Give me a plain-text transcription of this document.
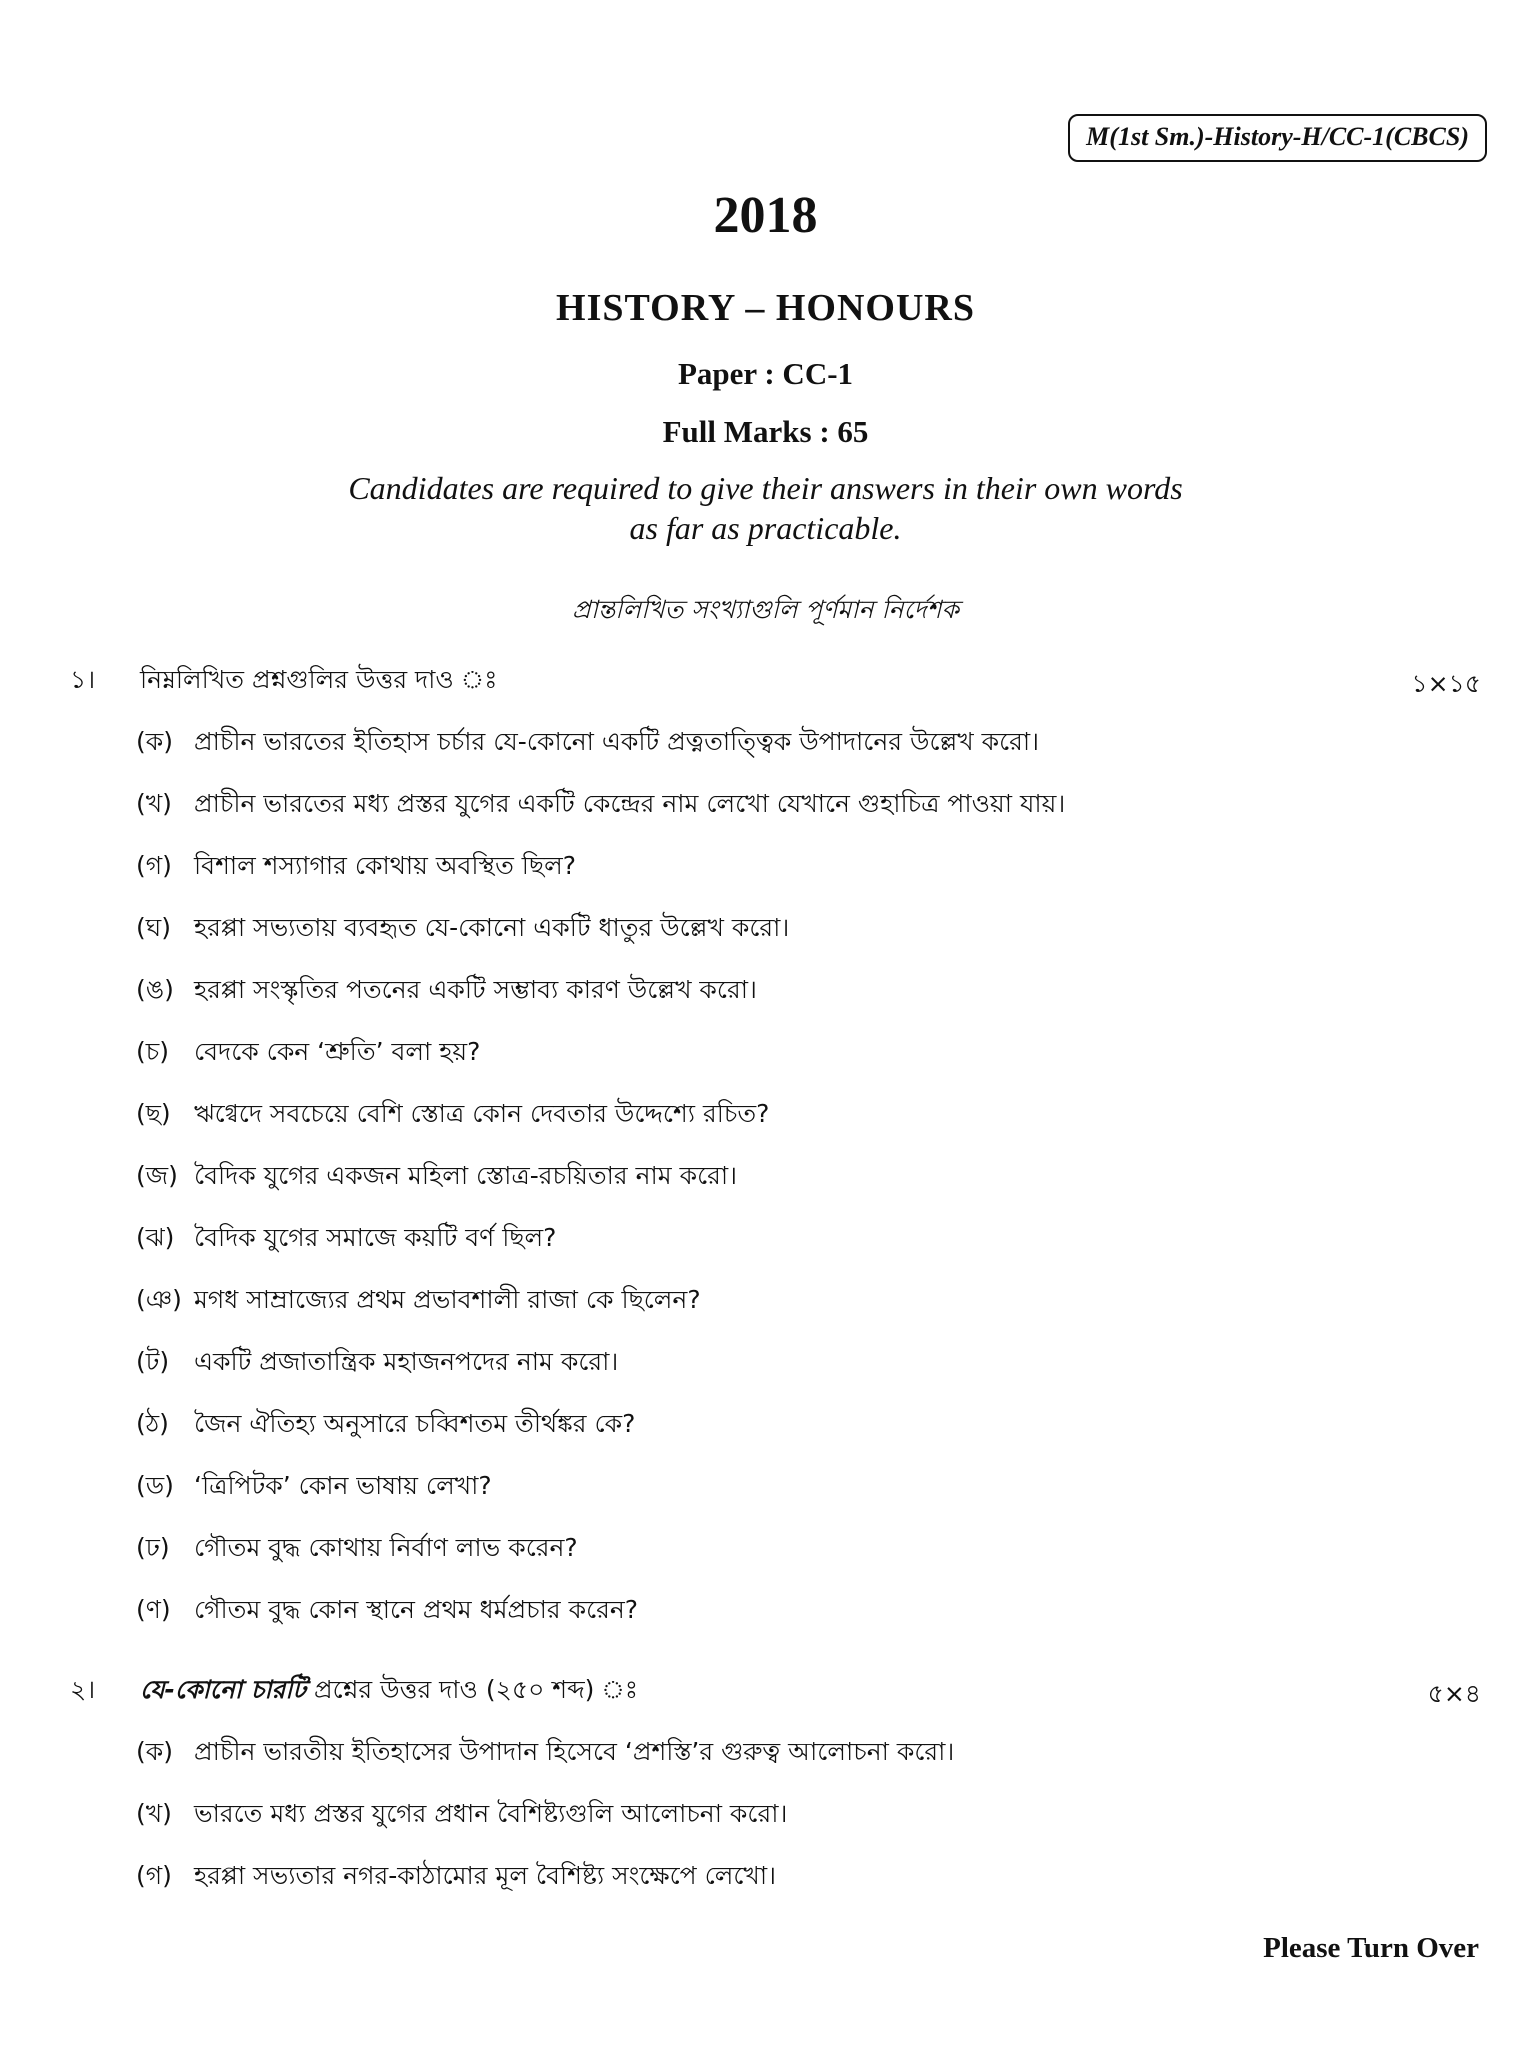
M(1st Sm.)-History-H/CC-1(CBCS)
2018
HISTORY – HONOURS
Paper : CC-1
Full Marks : 65
Candidates are required to give their answers in their own words
as far as practicable.
প্রান্তলিখিত সংখ্যাগুলি পূর্ণমান নির্দেশক
১। নিম্নলিখিত প্রশ্নগুলির উত্তর দাও ঃ	১×১৫
(ক) প্রাচীন ভারতের ইতিহাস চর্চার যে-কোনো একটি প্রত্নতাত্ত্বিক উপাদানের উল্লেখ করো।
(খ) প্রাচীন ভারতের মধ্য প্রস্তর যুগের একটি কেন্দ্রের নাম লেখো যেখানে গুহাচিত্র পাওয়া যায়।
(গ) বিশাল শস্যাগার কোথায় অবস্থিত ছিল?
(ঘ) হরপ্পা সভ্যতায় ব্যবহৃত যে-কোনো একটি ধাতুর উল্লেখ করো।
(ঙ) হরপ্পা সংস্কৃতির পতনের একটি সম্ভাব্য কারণ উল্লেখ করো।
(চ) বেদকে কেন ‘শ্রুতি’ বলা হয়?
(ছ) ঋগ্বেদে সবচেয়ে বেশি স্তোত্র কোন দেবতার উদ্দেশ্যে রচিত?
(জ) বৈদিক যুগের একজন মহিলা স্তোত্র-রচয়িতার নাম করো।
(ঝ) বৈদিক যুগের সমাজে কয়টি বর্ণ ছিল?
(ঞ) মগধ সাম্রাজ্যের প্রথম প্রভাবশালী রাজা কে ছিলেন?
(ট) একটি প্রজাতান্ত্রিক মহাজনপদের নাম করো।
(ঠ) জৈন ঐতিহ্য অনুসারে চব্বিশতম তীর্থঙ্কর কে?
(ড) ‘ত্রিপিটক’ কোন ভাষায় লেখা?
(ঢ) গৌতম বুদ্ধ কোথায় নির্বাণ লাভ করেন?
(ণ) গৌতম বুদ্ধ কোন স্থানে প্রথম ধর্মপ্রচার করেন?
২। যে-কোনো চারটি প্রশ্নের উত্তর দাও (২৫০ শব্দ) ঃ	৫×৪
(ক) প্রাচীন ভারতীয় ইতিহাসের উপাদান হিসেবে ‘প্রশস্তি’র গুরুত্ব আলোচনা করো।
(খ) ভারতে মধ্য প্রস্তর যুগের প্রধান বৈশিষ্ট্যগুলি আলোচনা করো।
(গ) হরপ্পা সভ্যতার নগর-কাঠামোর মূল বৈশিষ্ট্য সংক্ষেপে লেখো।
Please Turn Over
